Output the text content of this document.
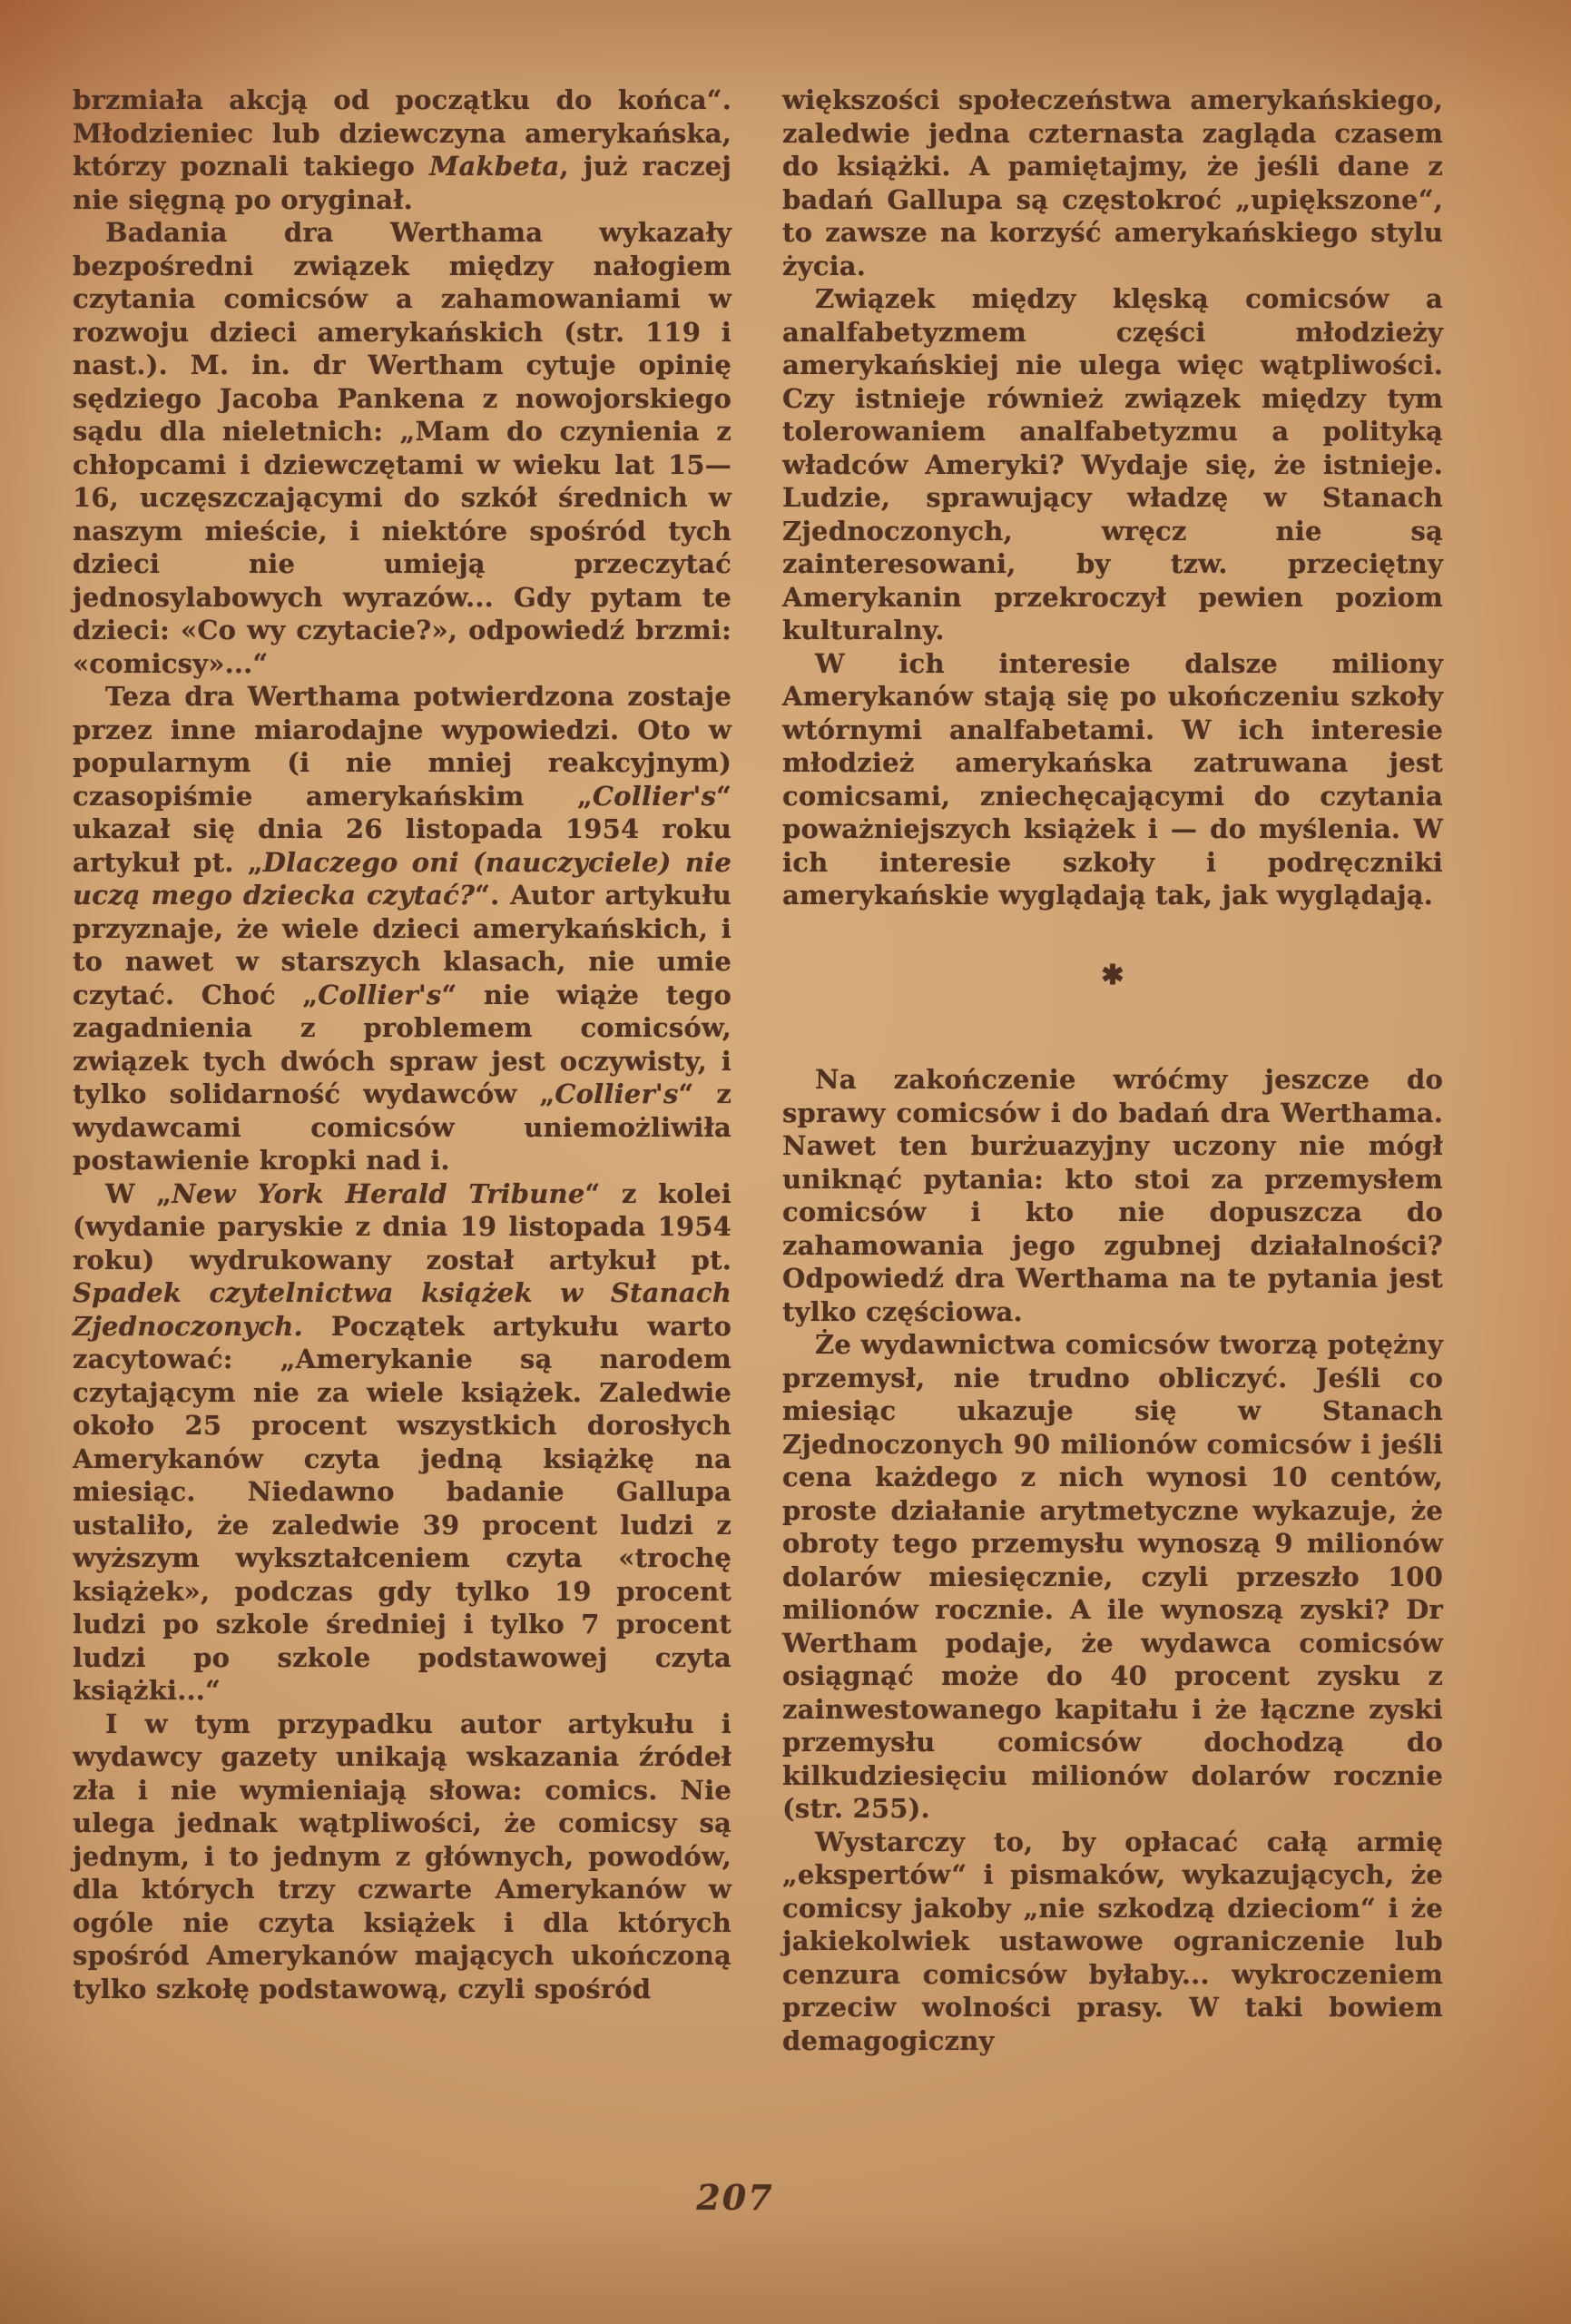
brzmiała akcją od początku do końca“. Młodzieniec lub dziewczyna amerykańska, którzy poznali takiego Makbeta, już raczej nie sięgną po oryginał.

Badania dra Werthama wykazały bezpośredni związek między nałogiem czytania comicsów a zahamowaniami w rozwoju dzieci amerykańskich (str. 119 i nast.). M. in. dr Wertham cytuje opinię sędziego Jacoba Pankena z nowojorskiego sądu dla nieletnich: „Mam do czynienia z chłopcami i dziewczętami w wieku lat 15—16, uczęszczającymi do szkół średnich w naszym mieście, i niektóre spośród tych dzieci nie umieją przeczytać jednosylabowych wyrazów... Gdy pytam te dzieci: «Co wy czytacie?», odpowiedź brzmi: «comicsy»...“

Teza dra Werthama potwierdzona zostaje przez inne miarodajne wypowiedzi. Oto w popularnym (i nie mniej reakcyjnym) czasopiśmie amerykańskim „Collier's“ ukazał się dnia 26 listopada 1954 roku artykuł pt. „Dlaczego oni (nauczyciele) nie uczą mego dziecka czytać?“. Autor artykułu przyznaje, że wiele dzieci amerykańskich, i to nawet w starszych klasach, nie umie czytać. Choć „Collier's“ nie wiąże tego zagadnienia z problemem comicsów, związek tych dwóch spraw jest oczywisty, i tylko solidarność wydawców „Collier's“ z wydawcami comicsów uniemożliwiła postawienie kropki nad i.

W „New York Herald Tribune“ z kolei (wydanie paryskie z dnia 19 listopada 1954 roku) wydrukowany został artykuł pt. Spadek czytelnictwa książek w Stanach Zjednoczonych. Początek artykułu warto zacytować: „Amerykanie są narodem czytającym nie za wiele książek. Zaledwie około 25 procent wszystkich dorosłych Amerykanów czyta jedną książkę na miesiąc. Niedawno badanie Gallupa ustaliło, że zaledwie 39 procent ludzi z wyższym wykształceniem czyta «trochę książek», podczas gdy tylko 19 procent ludzi po szkole średniej i tylko 7 procent ludzi po szkole podstawowej czyta książki...“

I w tym przypadku autor artykułu i wydawcy gazety unikają wskazania źródeł zła i nie wymieniają słowa: comics. Nie ulega jednak wątpliwości, że comicsy są jednym, i to jednym z głównych, powodów, dla których trzy czwarte Amerykanów w ogóle nie czyta książek i dla których spośród Amerykanów mających ukończoną tylko szkołę podstawową, czyli spośród

większości społeczeństwa amerykańskiego, zaledwie jedna czternasta zagląda czasem do książki. A pamiętajmy, że jeśli dane z badań Gallupa są częstokroć „upiększone“, to zawsze na korzyść amerykańskiego stylu życia.

Związek między klęską comicsów a analfabetyzmem części młodzieży amerykańskiej nie ulega więc wątpliwości. Czy istnieje również związek między tym tolerowaniem analfabetyzmu a polityką władców Ameryki? Wydaje się, że istnieje. Ludzie, sprawujący władzę w Stanach Zjednoczonych, wręcz nie są zainteresowani, by tzw. przeciętny Amerykanin przekroczył pewien poziom kulturalny.

W ich interesie dalsze miliony Amerykanów stają się po ukończeniu szkoły wtórnymi analfabetami. W ich interesie młodzież amerykańska zatruwana jest comicsami, zniechęcającymi do czytania poważniejszych książek i — do myślenia. W ich interesie szkoły i podręczniki amerykańskie wyglądają tak, jak wyglądają.

✱

Na zakończenie wróćmy jeszcze do sprawy comicsów i do badań dra Werthama. Nawet ten burżuazyjny uczony nie mógł uniknąć pytania: kto stoi za przemysłem comicsów i kto nie dopuszcza do zahamowania jego zgubnej działalności? Odpowiedź dra Werthama na te pytania jest tylko częściowa.

Że wydawnictwa comicsów tworzą potężny przemysł, nie trudno obliczyć. Jeśli co miesiąc ukazuje się w Stanach Zjednoczonych 90 milionów comicsów i jeśli cena każdego z nich wynosi 10 centów, proste działanie arytmetyczne wykazuje, że obroty tego przemysłu wynoszą 9 milionów dolarów miesięcznie, czyli przeszło 100 milionów rocznie. A ile wynoszą zyski? Dr Wertham podaje, że wydawca comicsów osiągnąć może do 40 procent zysku z zainwestowanego kapitału i że łączne zyski przemysłu comicsów dochodzą do kilkudziesięciu milionów dolarów rocznie (str. 255).

Wystarczy to, by opłacać całą armię „ekspertów“ i pismaków, wykazujących, że comicsy jakoby „nie szkodzą dzieciom“ i że jakiekolwiek ustawowe ograniczenie lub cenzura comicsów byłaby... wykroczeniem przeciw wolności prasy. W taki bowiem demagogiczny

207
